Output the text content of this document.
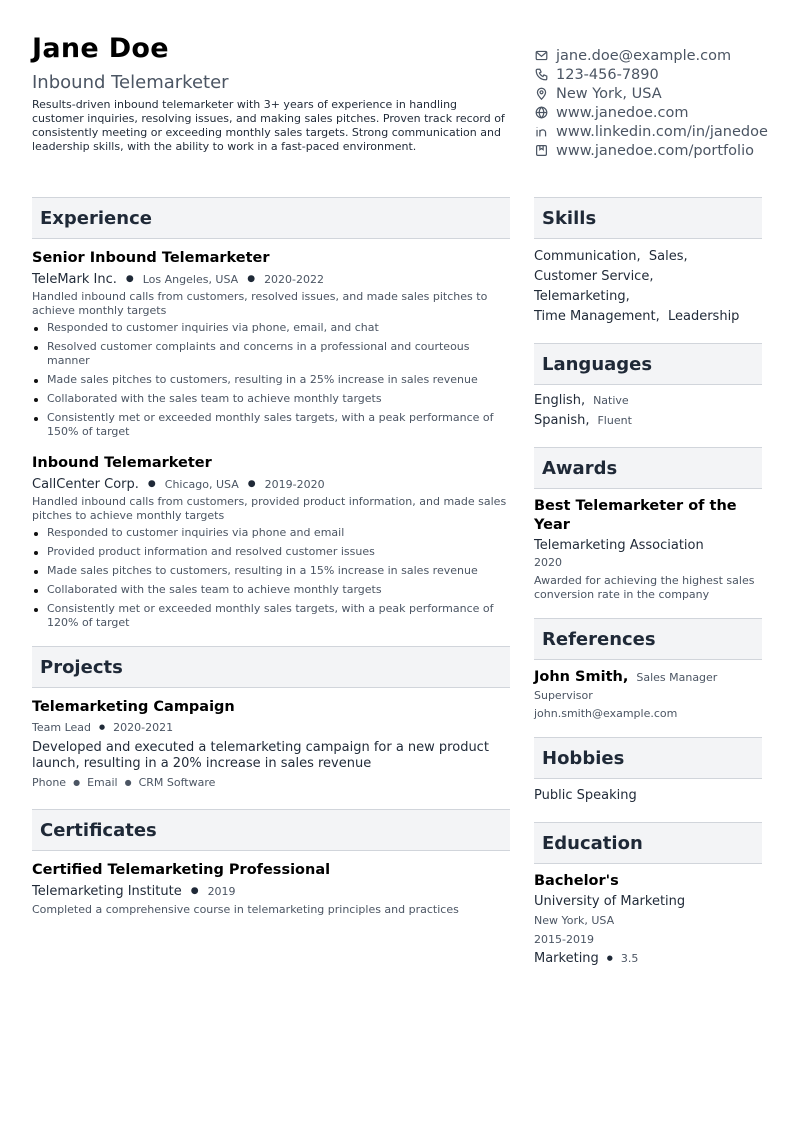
Jane Doe
Inbound Telemarketer
Results-driven inbound telemarketer with 3+ years of experience in handling customer inquiries, resolving issues, and making sales pitches. Proven track record of consistently meeting or exceeding monthly sales targets. Strong communication and leadership skills, with the ability to work in a fast-paced environment.
jane.doe@example.com
123-456-7890
New York, USA
www.janedoe.com
www.linkedin.com/in/janedoe
www.janedoe.com/portfolio
Experience
Senior Inbound Telemarketer
TeleMark Inc. ● Los Angeles, USA ● 2020-2022
Handled inbound calls from customers, resolved issues, and made sales pitches to achieve monthly targets
Responded to customer inquiries via phone, email, and chat
Resolved customer complaints and concerns in a professional and courteous manner
Made sales pitches to customers, resulting in a 25% increase in sales revenue
Collaborated with the sales team to achieve monthly targets
Consistently met or exceeded monthly sales targets, with a peak performance of 150% of target
Inbound Telemarketer
CallCenter Corp. ● Chicago, USA ● 2019-2020
Handled inbound calls from customers, provided product information, and made sales pitches to achieve monthly targets
Responded to customer inquiries via phone and email
Provided product information and resolved customer issues
Made sales pitches to customers, resulting in a 15% increase in sales revenue
Collaborated with the sales team to achieve monthly targets
Consistently met or exceeded monthly sales targets, with a peak performance of 120% of target
Projects
Telemarketing Campaign
Team Lead ● 2020-2021
Developed and executed a telemarketing campaign for a new product launch, resulting in a 20% increase in sales revenue
Phone ● Email ● CRM Software
Certificates
Certified Telemarketing Professional
Telemarketing Institute ● 2019
Completed a comprehensive course in telemarketing principles and practices
Skills
Communication, Sales,
Customer Service,
Telemarketing,
Time Management, Leadership
Languages
English, Native
Spanish, Fluent
Awards
Best Telemarketer of the Year
Telemarketing Association
2020
Awarded for achieving the highest sales conversion rate in the company
References
John Smith, Sales Manager
Supervisor
john.smith@example.com
Hobbies
Public Speaking
Education
Bachelor's
University of Marketing
New York, USA
2015-2019
Marketing ● 3.5
